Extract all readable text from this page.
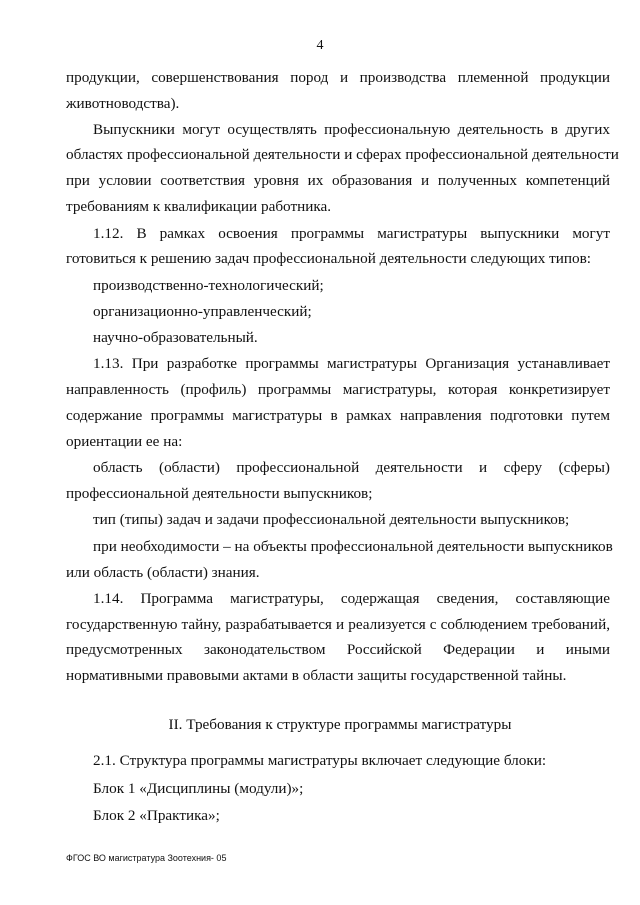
4
продукции, совершенствования пород и производства племенной продукции
животноводства).
Выпускники могут осуществлять профессиональную деятельность в других
областях профессиональной деятельности и сферах профессиональной деятельности
при условии соответствия уровня их образования и полученных компетенций
требованиям к квалификации работника.
1.12. В рамках освоения программы магистратуры выпускники могут
готовиться к решению задач профессиональной деятельности следующих типов:
производственно-технологический;
организационно-управленческий;
научно-образовательный.
1.13. При разработке программы магистратуры Организация устанавливает
направленность (профиль) программы магистратуры, которая конкретизирует
содержание программы магистратуры в рамках направления подготовки путем
ориентации ее на:
область (области) профессиональной деятельности и сферу (сферы)
профессиональной деятельности выпускников;
тип (типы) задач и задачи профессиональной деятельности выпускников;
при необходимости – на объекты профессиональной деятельности выпускников
или область (области) знания.
1.14. Программа магистратуры, содержащая сведения, составляющие
государственную тайну, разрабатывается и реализуется с соблюдением требований,
предусмотренных законодательством Российской Федерации и иными
нормативными правовыми актами в области защиты государственной тайны.
II. Требования к структуре программы магистратуры
2.1. Структура программы магистратуры включает следующие блоки:
Блок 1 «Дисциплины (модули)»;
Блок 2 «Практика»;
ФГОС ВО магистратура Зоотехния- 05
